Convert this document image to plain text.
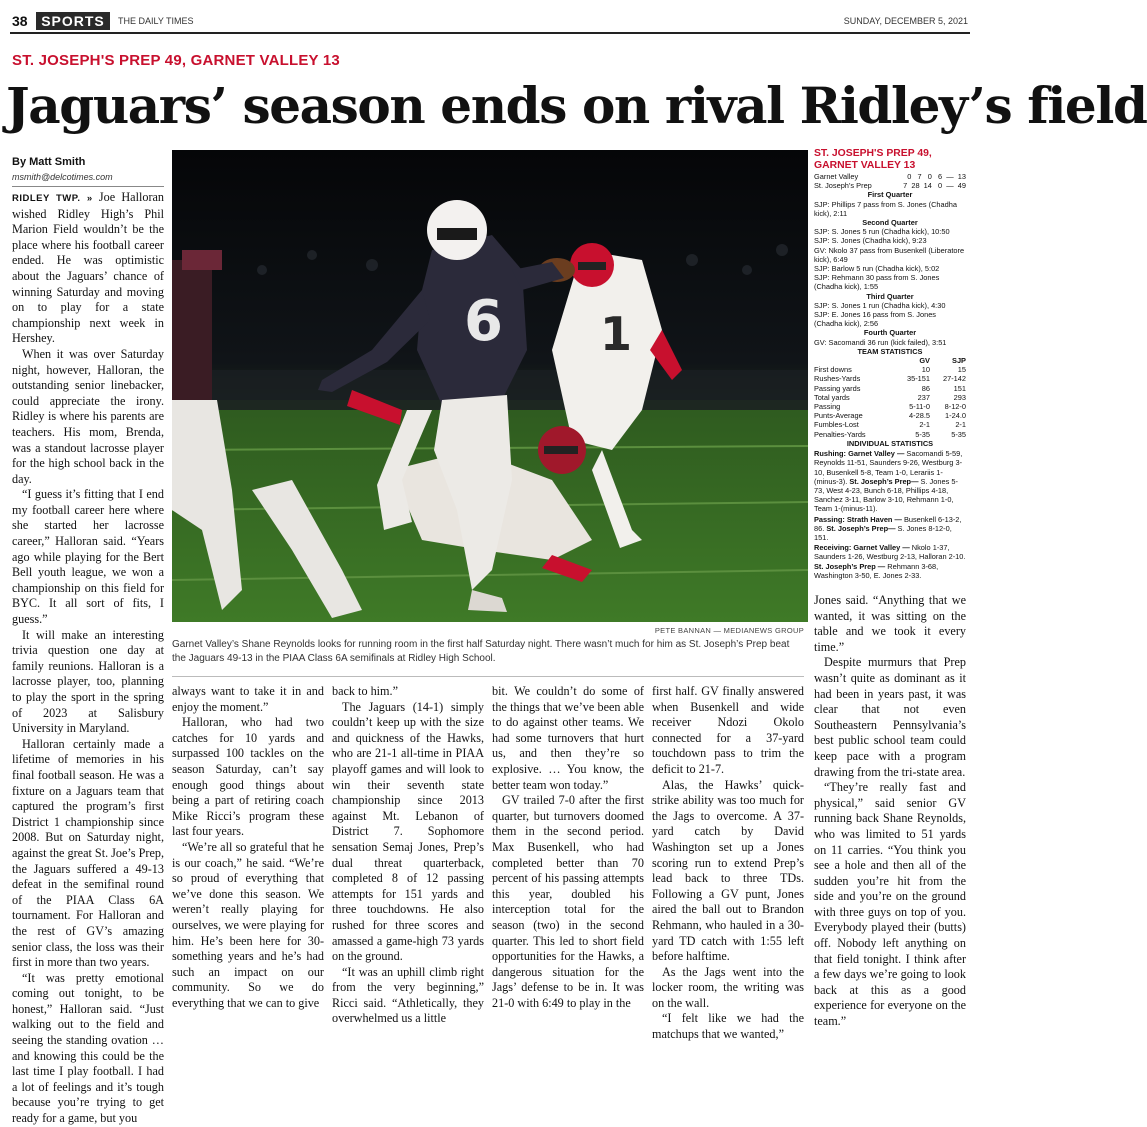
38 SPORTS	THE DAILY TIMES	SUNDAY, DECEMBER 5, 2021
ST. JOSEPH'S PREP 49, GARNET VALLEY 13
Jaguars’ season ends on rival Ridley’s field
By Matt Smith
msmith@delcotimes.com

RIDLEY TWP. » Joe Halloran wished Ridley High’s Phil Marion Field wouldn’t be the place where his football career ended. He was optimistic about the Jaguars’ chance of winning Saturday and moving on to play for a state championship next week in Hershey.

When it was over Saturday night, however, Halloran, the outstanding senior linebacker, could appreciate the irony. Ridley is where his parents are teachers. His mom, Brenda, was a standout lacrosse player for the high school back in the day.

“I guess it’s fitting that I end my football career here where she started her lacrosse career,” Halloran said. “Years ago while playing for the Bert Bell youth league, we won a championship on this field for BYC. It all sort of fits, I guess.”

It will make an interesting trivia question one day at family reunions. Halloran is a lacrosse player, too, planning to play the sport in the spring of 2023 at Salisbury University in Maryland.

Halloran certainly made a lifetime of memories in his final football season. He was a fixture on a Jaguars team that captured the program’s first District 1 championship since 2008. But on Saturday night, against the great St. Joe’s Prep, the Jaguars suffered a 49-13 defeat in the semifinal round of the PIAA Class 6A tournament. For Halloran and the rest of GV’s amazing senior class, the loss was their first in more than two years.

“It was pretty emotional coming out tonight, to be honest,” Halloran said. “Just walking out to the field and seeing the standing ovation … and knowing this could be the last time I play football. I had a lot of feelings and it’s tough because you’re trying to get ready for a game, but you

1
6
PETE BANNAN — MEDIANEWS GROUP
Garnet Valley’s Shane Reynolds looks for running room in the first half Saturday night. There wasn’t much for him as St. Joseph’s Prep beat the Jaguars 49-13 in the PIAA Class 6A semifinals at Ridley High School.

always want to take it in and enjoy the moment.”

Halloran, who had two catches for 10 yards and surpassed 100 tackles on the season Saturday, can’t say enough good things about being a part of retiring coach Mike Ricci’s program these last four years.

“We’re all so grateful that he is our coach,” he said. “We’re so proud of everything that we’ve done this season. We weren’t really playing for ourselves, we were playing for him. He’s been here for 30-something years and he’s had such an impact on our community. So we do everything that we can to give

back to him.”

The Jaguars (14-1) simply couldn’t keep up with the size and quickness of the Hawks, who are 21-1 all-time in PIAA playoff games and will look to win their seventh state championship since 2013 against Mt. Lebanon of District 7. Sophomore sensation Semaj Jones, Prep’s dual threat quarterback, completed 8 of 12 passing attempts for 151 yards and three touchdowns. He also rushed for three scores and amassed a game-high 73 yards on the ground.

“It was an uphill climb right from the very beginning,” Ricci said. “Athletically, they overwhelmed us a little

bit. We couldn’t do some of the things that we’ve been able to do against other teams. We had some turnovers that hurt us, and then they’re so explosive. … You know, the better team won today.”

GV trailed 7-0 after the first quarter, but turnovers doomed them in the second period. Max Busenkell, who had completed better than 70 percent of his passing attempts this year, doubled his interception total for the season (two) in the second quarter. This led to short field opportunities for the Hawks, a dangerous situation for the Jags’ defense to be in. It was 21-0 with 6:49 to play in the

first half. GV finally answered when Busenkell and wide receiver Ndozi Okolo connected for a 37-yard touchdown pass to trim the deficit to 21-7.

Alas, the Hawks’ quick-strike ability was too much for the Jags to overcome. A 37-yard catch by David Washington set up a Jones scoring run to extend Prep’s lead back to three TDs. Following a GV punt, Jones aired the ball out to Brandon Rehmann, who hauled in a 30-yard TD catch with 1:55 left before halftime.

As the Jags went into the locker room, the writing was on the wall.

“I felt like we had the matchups that we wanted,”

Jones said. “Anything that we wanted, it was sitting on the table and we took it every time.”

Despite murmurs that Prep wasn’t quite as dominant as it had been in years past, it was clear that not even Southeastern Pennsylvania’s best public school team could keep pace with a program drawing from the tri-state area.

“They’re really fast and physical,” said senior GV running back Shane Reynolds, who was limited to 51 yards on 11 carries. “You think you see a hole and then all of the sudden you’re hit from the side and you’re on the ground with three guys on top of you. Everybody played their (butts) off. Nobody left anything on that field tonight. I think after a few days we’re going to look back at this as a good experience for everyone on the team.”

ST. JOSEPH'S PREP 49,
GARNET VALLEY 13
Garnet Valley	0   7   0   6  —  13
St. Joseph’s Prep	7  28  14   0  —  49
First Quarter
SJP: Phillips 7 pass from S. Jones (Chadha kick), 2:11
Second Quarter
SJP: S. Jones 5 run (Chadha kick), 10:50
SJP: S. Jones (Chadha kick), 9:23
GV: Nkolo 37 pass from Busenkell (Liberatore kick), 6:49
SJP: Barlow 5 run (Chadha kick), 5:02
SJP: Rehmann 30 pass from S. Jones (Chadha kick), 1:55
Third Quarter
SJP: S. Jones 1 run (Chadha kick), 4:30
SJP: E. Jones 16 pass from S. Jones (Chadha kick), 2:56
Fourth Quarter
GV: Sacomandi 36 run (kick failed), 3:51
TEAM STATISTICS
GV	SJP
First downs	10	15
Rushes-Yards	35-151	27-142
Passing yards	86	151
Total yards	237	293
Passing	5-11-0	8-12-0
Punts-Average	4-28.5	1-24.0
Fumbles-Lost	2-1	2-1
Penalties-Yards	5-35	5-35
INDIVIDUAL STATISTICS
Rushing: Garnet Valley — Sacomandi 5-59, Reynolds 11-51, Saunders 9-26, Westburg 3-10, Busenkell 5-8, Team 1-0, Lerariis 1-(minus-3). St. Joseph’s Prep— S. Jones 5-73, West 4-23, Bunch 6-18, Phillips 4-18, Sanchez 3-11, Barlow 3-10, Rehmann 1-0, Team 1-(minus-11).
Passing: Strath Haven — Busenkell 6-13-2, 86. St. Joseph’s Prep— S. Jones 8-12-0, 151.
Receiving: Garnet Valley — Nkolo 1-37, Saunders 1-26, Westburg 2-13, Halloran 2-10. St. Joseph’s Prep — Rehmann 3-68, Washington 3-50, E. Jones 2-33.
